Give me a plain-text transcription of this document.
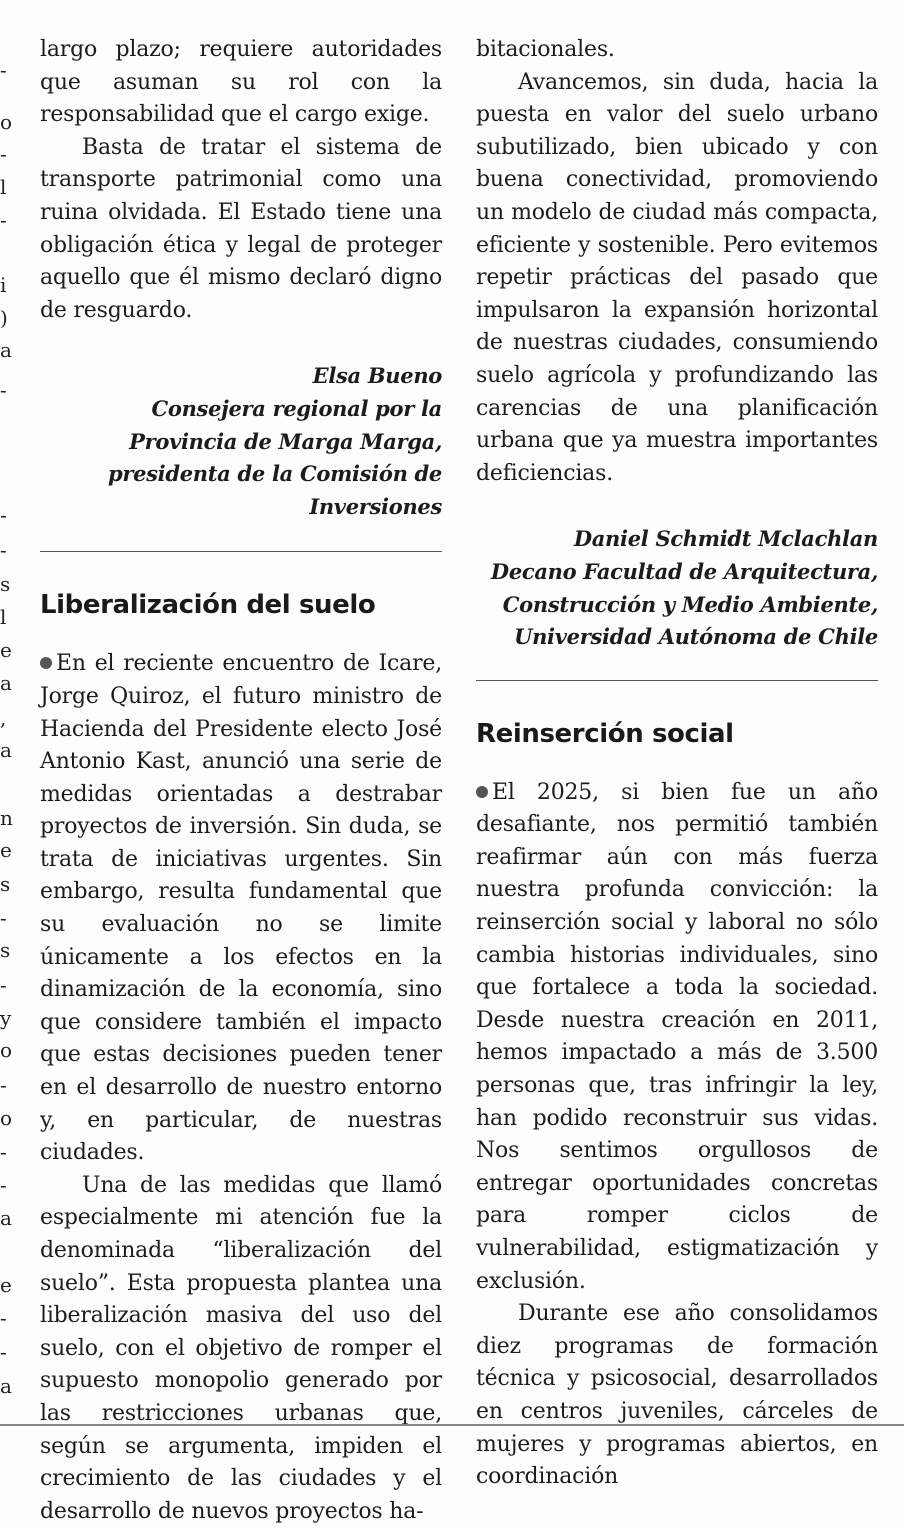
-
o
-
l
-
i
)
a
-
-
-
s
l
e
a
,
a
n
e
s
-
s
-
y
o
-
o
-
-
a
e
-
-
a

largo plazo; requiere autoridades que asuman su rol con la responsabilidad que el cargo exige.

Basta de tratar el sistema de transporte patrimonial como una ruina olvidada. El Estado tiene una obligación ética y legal de proteger aquello que él mismo declaró digno de resguardo.

Elsa Bueno

Consejera regional por la Provincia de Marga Marga, presidenta de la Comisión de Inversiones

Liberalización del suelo

En el reciente encuentro de Icare, Jorge Quiroz, el futuro ministro de Hacienda del Presidente electo José Antonio Kast, anunció una serie de medidas orientadas a destrabar proyectos de inversión. Sin duda, se trata de iniciativas urgentes. Sin embargo, resulta fundamental que su evaluación no se limite únicamente a los efectos en la dinamización de la economía, sino que considere también el impacto que estas decisiones pueden tener en el desarrollo de nuestro entorno y, en particular, de nuestras ciudades.

Una de las medidas que llamó especialmente mi atención fue la denominada “liberalización del suelo”. Esta propuesta plantea una liberalización masiva del uso del suelo, con el objetivo de romper el supuesto monopolio generado por las restricciones urbanas que, según se argumenta, impiden el crecimiento de las ciudades y el desarrollo de nuevos proyectos ha-

bitacionales.

Avancemos, sin duda, hacia la puesta en valor del suelo urbano subutilizado, bien ubicado y con buena conectividad, promoviendo un modelo de ciudad más compacta, eficiente y sostenible. Pero evitemos repetir prácticas del pasado que impulsaron la expansión horizontal de nuestras ciudades, consumiendo suelo agrícola y profundizando las carencias de una planificación urbana que ya muestra importantes deficiencias.

Daniel Schmidt Mclachlan

Decano Facultad de Arquitectura,

Construcción y Medio Ambiente,

Universidad Autónoma de Chile

Reinserción social

El 2025, si bien fue un año desafiante, nos permitió también reafirmar aún con más fuerza nuestra profunda convicción: la reinserción social y laboral no sólo cambia historias individuales, sino que fortalece a toda la sociedad. Desde nuestra creación en 2011, hemos impactado a más de 3.500 personas que, tras infringir la ley, han podido reconstruir sus vidas. Nos sentimos orgullosos de entregar oportunidades concretas para romper ciclos de vulnerabilidad, estigmatización y exclusión.

Durante ese año consolidamos diez programas de formación técnica y psicosocial, desarrollados en centros juveniles, cárceles de mujeres y programas abiertos, en coordinación
